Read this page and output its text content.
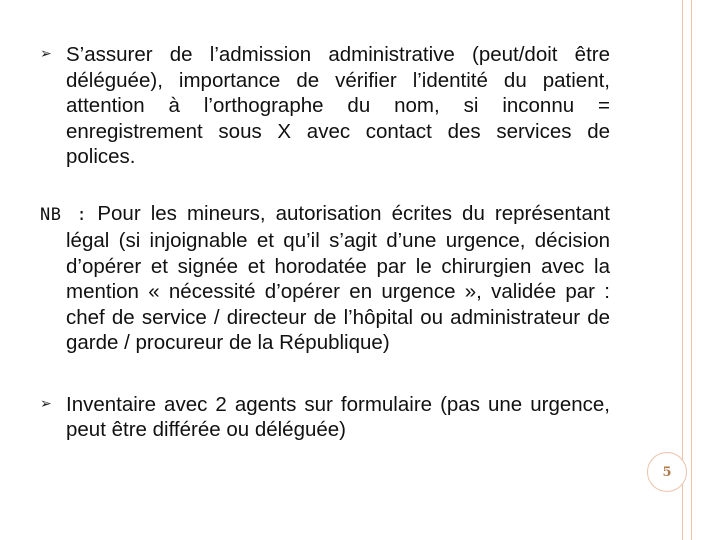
➢ S’assurer de l’admission administrative (peut/doit être déléguée), importance de vérifier l’identité du patient, attention à l’orthographe du nom, si inconnu = enregistrement sous X avec contact des services de polices.
NB : Pour les mineurs, autorisation écrites du représentant légal (si injoignable et qu’il s’agit d’une urgence, décision d’opérer et signée et horodatée par le chirurgien avec la mention « nécessité d’opérer en urgence », validée par : chef de service / directeur de l’hôpital ou administrateur de garde / procureur de la République)
➢ Inventaire avec 2 agents sur formulaire (pas une urgence, peut être différée ou déléguée)
5
